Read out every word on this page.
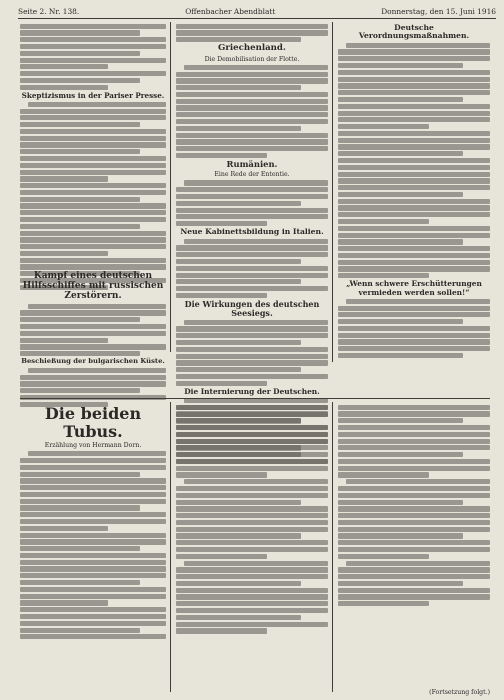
Seite 2. Nr. 138.	Offenbacher Abendblatt	Donnerstag, den 15. Juni 1916
Skeptizismus in der Pariser Presse.
Kampf eines deutschen Hilfsschiffes mit russischen Zerstörern.
Beschießung der bulgarischen Küste.
Griechenland.
Die Demobilisation der Flotte.
Rumänien.
Eine Rede der Ententie.
Neue Kabinettsbildung in Italien.
Die Wirkungen des deutschen Seesiegs.
Die Internierung der Deutschen.
Deutsche Verordnungsmaßnahmen.
„Wenn schwere Erschütterungen vermieden werden sollen!“
Die beiden Tubus.
Erzählung von Hermann Dorn.
(Fortsetzung folgt.)
